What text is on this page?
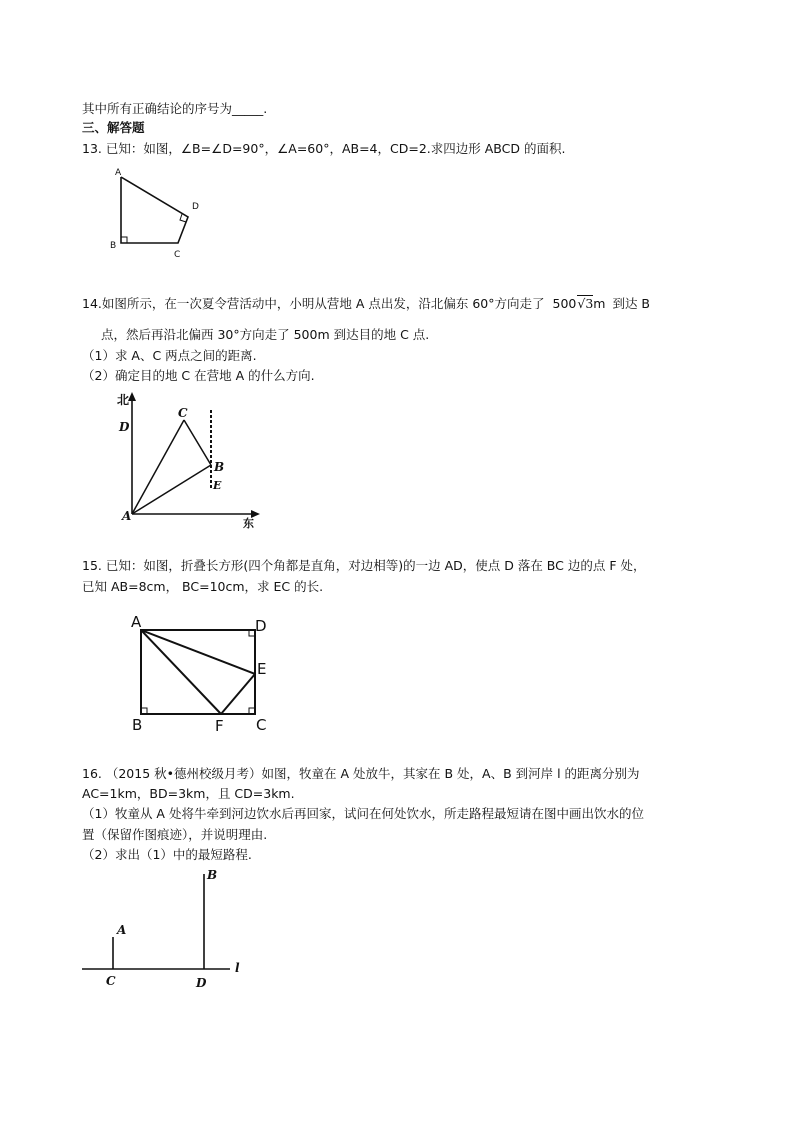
其中所有正确结论的序号为_____.
三、解答题
13. 已知：如图，∠B=∠D=90°，∠A=60°，AB=4，CD=2.求四边形 ABCD 的面积.
A
B
C
D
14.如图所示，在一次夏令营活动中，小明从营地 A 点出发，沿北偏东 60°方向走了 500√3m 到达 B
点，然后再沿北偏西 30°方向走了 500m 到达目的地 C 点.
（1）求 A、C 两点之间的距离.
（2）确定目的地 C 在营地 A 的什么方向.
北
东
A
B
C
D
E
15. 已知：如图，折叠长方形(四个角都是直角，对边相等)的一边 AD，使点 D 落在 BC 边的点 F 处，
已知 AB=8cm， BC=10cm，求 EC 的长.
A
B	C
D
E
F
16. （2015 秋•德州校级月考）如图，牧童在 A 处放牛，其家在 B 处，A、B 到河岸 l 的距离分别为
AC=1km，BD=3km，且 CD=3km.
（1）牧童从 A 处将牛牵到河边饮水后再回家，试问在何处饮水，所走路程最短请在图中画出饮水的位
置（保留作图痕迹），并说明理由.
（2）求出（1）中的最短路程.
A
B
C	D
l
